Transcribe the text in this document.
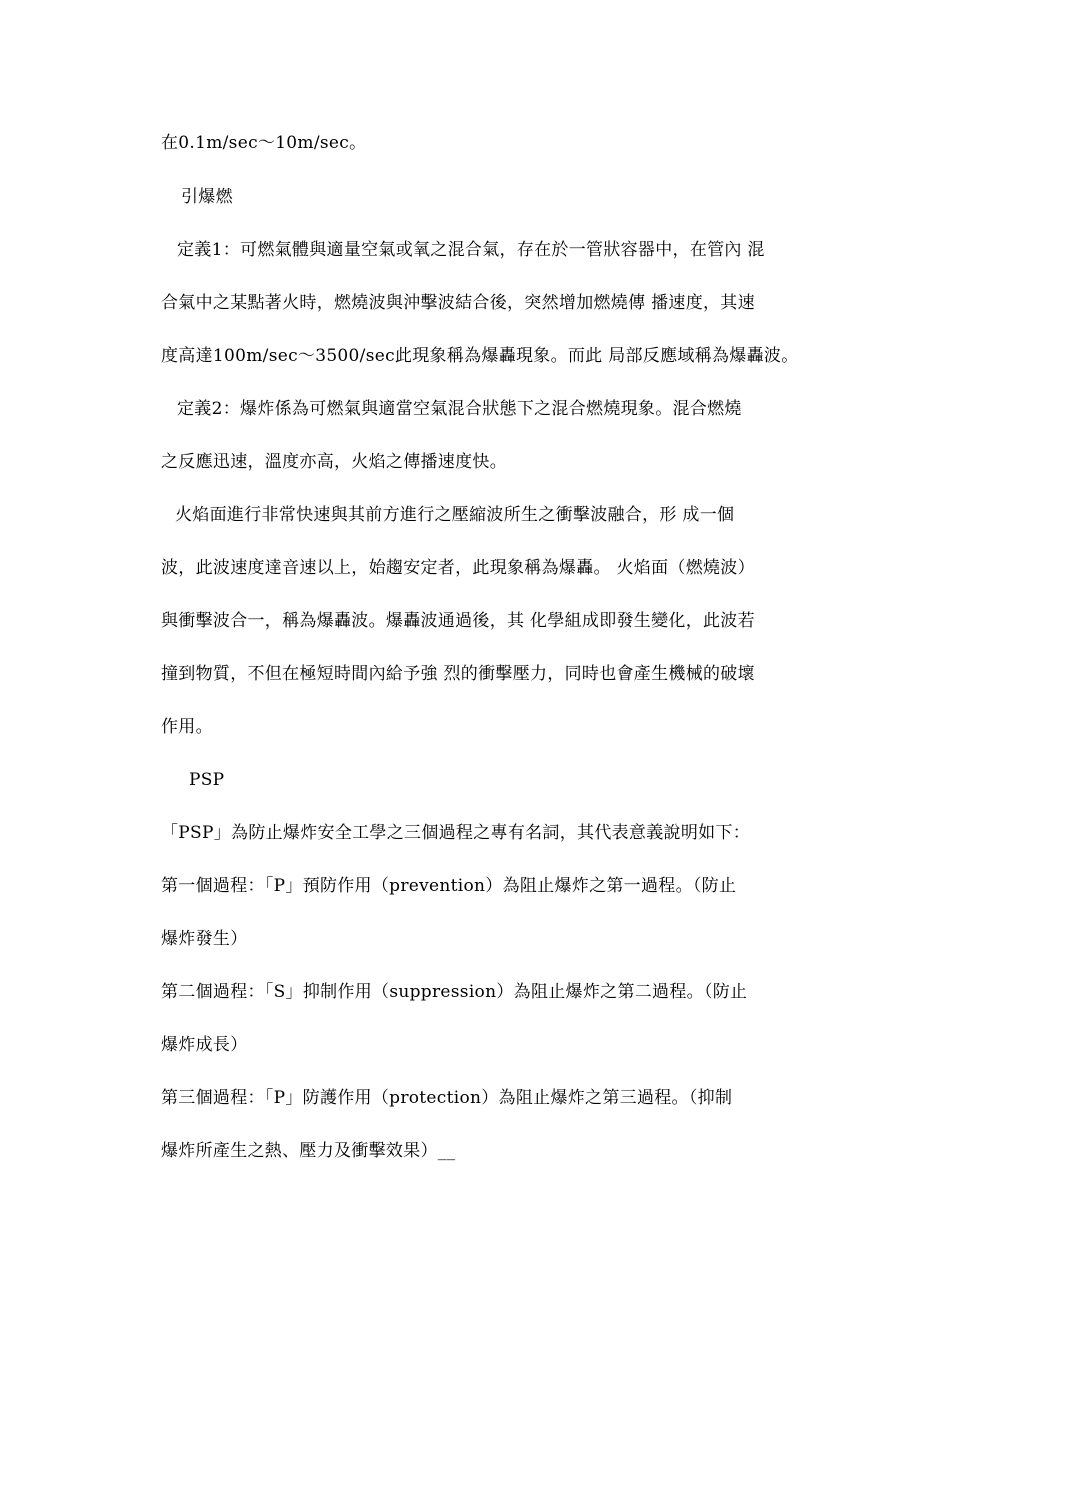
在0.1m/sec～10m/sec。
引爆燃
定義1：可燃氣體與適量空氣或氧之混合氣，存在於一管狀容器中，在管內 混
合氣中之某點著火時，燃燒波與沖擊波結合後，突然增加燃燒傳 播速度，其速
度高達100m/sec～3500/sec此現象稱為爆轟現象。而此 局部反應域稱為爆轟波。
定義2：爆炸係為可燃氣與適當空氣混合狀態下之混合燃燒現象。混合燃燒
之反應迅速，溫度亦高，火焰之傳播速度快。
火焰面進行非常快速與其前方進行之壓縮波所生之衝擊波融合，形 成一個
波，此波速度達音速以上，始趨安定者，此現象稱為爆轟。 火焰面（燃燒波）
與衝擊波合一，稱為爆轟波。爆轟波通過後，其 化學組成即發生變化，此波若
撞到物質，不但在極短時間內給予強 烈的衝擊壓力，同時也會產生機械的破壞
作用。
PSP
「PSP」為防止爆炸安全工學之三個過程之專有名詞，其代表意義說明如下：
第一個過程：「P」預防作用（prevention）為阻止爆炸之第一過程。（防止
爆炸發生）
第二個過程：「S」抑制作用（suppression）為阻止爆炸之第二過程。（防止
爆炸成長）
第三個過程：「P」防護作用（protection）為阻止爆炸之第三過程。（抑制
爆炸所產生之熱、壓力及衝擊效果）__
